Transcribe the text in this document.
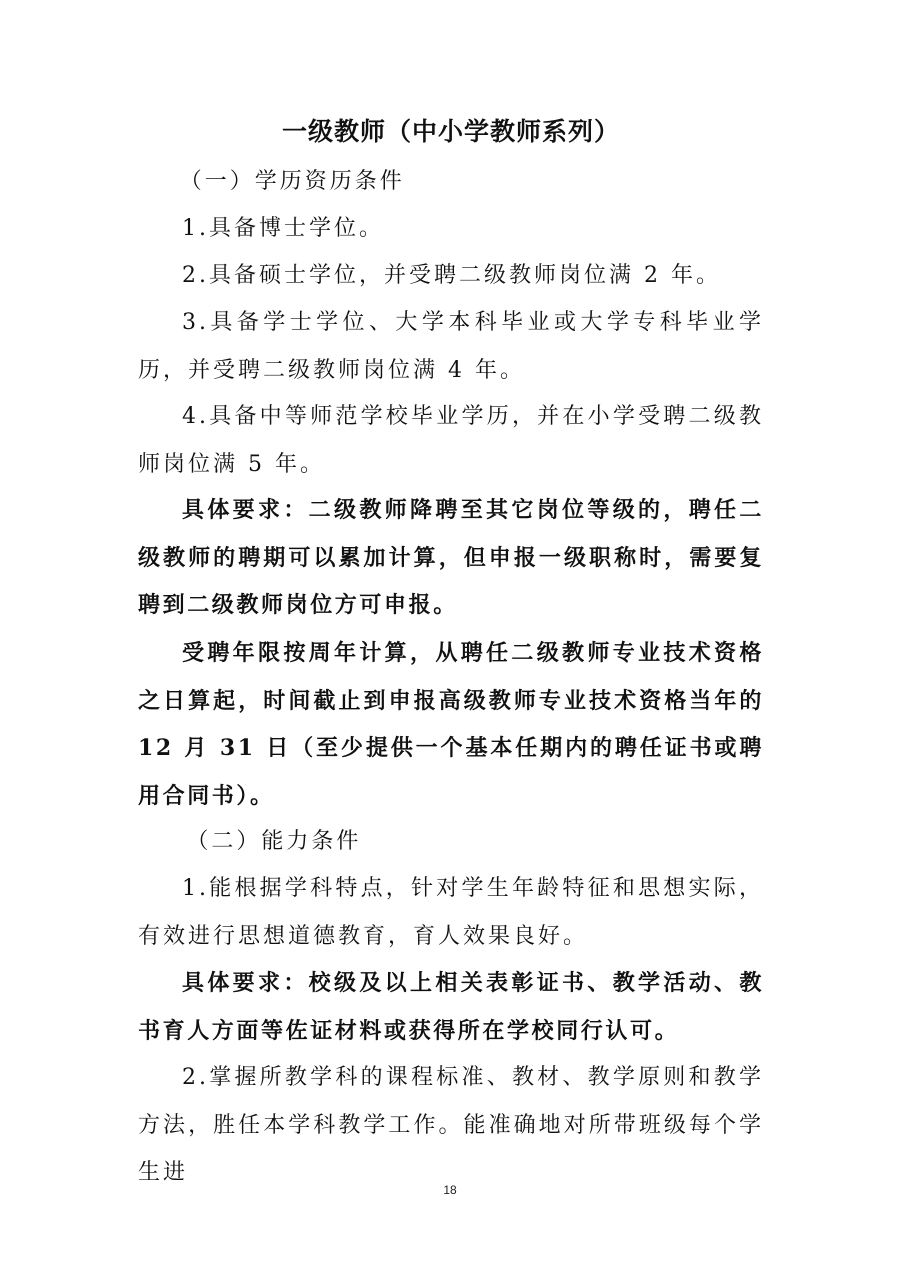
一级教师（中小学教师系列）

（一）学历资历条件

1.具备博士学位。

2.具备硕士学位，并受聘二级教师岗位满 2 年。

3.具备学士学位、大学本科毕业或大学专科毕业学历，并受聘二级教师岗位满 4 年。

4.具备中等师范学校毕业学历，并在小学受聘二级教师岗位满 5 年。

具体要求：二级教师降聘至其它岗位等级的，聘任二级教师的聘期可以累加计算，但申报一级职称时，需要复聘到二级教师岗位方可申报。

受聘年限按周年计算，从聘任二级教师专业技术资格之日算起，时间截止到申报高级教师专业技术资格当年的 12 月 31 日（至少提供一个基本任期内的聘任证书或聘用合同书）。

（二）能力条件

1.能根据学科特点，针对学生年龄特征和思想实际，有效进行思想道德教育，育人效果良好。

具体要求：校级及以上相关表彰证书、教学活动、教书育人方面等佐证材料或获得所在学校同行认可。

2.掌握所教学科的课程标准、教材、教学原则和教学方法，胜任本学科教学工作。能准确地对所带班级每个学生进

18
